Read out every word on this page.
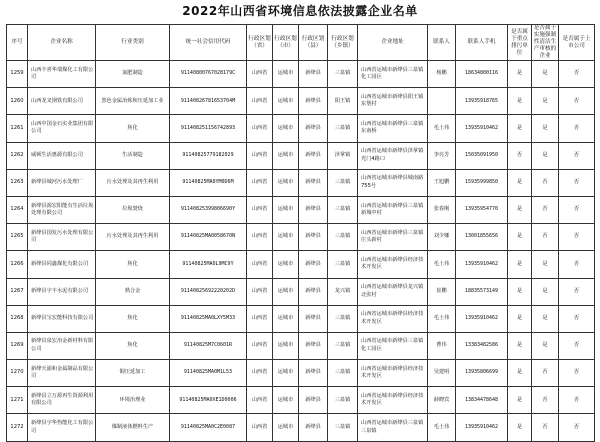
2022年山西省环境信息依法披露企业名单
序号	企业名称	行业类别	统一社会信用代码	行政区划（省）	行政区划（市）	行政区划（县）	行政区划（乡镇）	企业地址	联系人	联系人手机	是否属于重点排污单位	是否属于实施强制性清洁生产审核的企业	是否属于上市公司
1259	山西丰喜华瑞煤化工有限公司	氮肥制造	91140800767028179C	山西省	运城市	新绛县	三泉镇	山西省运城市新绛县三泉镇化工园区	杨鹏	18634800116	是	是	否
1260	山西龙叉钢铁有限公司	黑色金属冶炼和压延加工业	91140826781653704M	山西省	运城市	新绛县	阳王镇	山西省运城市新绛县阳王镇东堡村		13935918765	是	是	否
1261	山西中国金石实业集团有限公司	焦化	911408251156742893	山西省	运城市	新绛县	三泉镇	山西省运城市新绛县三泉镇东南桥	毛土伟	13935910462	是	是	否
1262	威顿生活惠源有限公司	生活制造	91140825779182029	山西省	运城市	新绛县	泽掌镇	山西省运城市新绛县泽掌镇光门4路口	李亮芳	15035091950	否	是	否
1263	新绛县城河污水处理厂	污水处理及其再生利用	91140825MA0YM0D6M	山西省	运城市	新绛县	三泉镇	山西省运城市新绛县城南路755号	王旭鹏	15935999850	是	否	否
1264	新绛县源宏阳能有生活垃圾处理有限公司	垃圾焚烧	91140825399806690Y	山西省	运城市	新绛县	三泉镇	山西省运城市新绛县三泉镇新城中村	张春刚	13935954770	是	否	否
1265	新绛县国发污水处理有限公司	污水处理及其再生利用	91140825MA0058670N	山西省	运城市	新绛县	三泉镇	山西省运城市新绛县三泉镇庄头新村	刘少娜	13001855656	是	否	否
1266	新绛县同鑫煤化有限公司	焦化	91140825MA0L9MC9Y	山西省	运城市	新绛县	三泉镇	山西省运城市新绛县经济技术开发区	毛土伟	13935910462	是	是	否
1267	新绛县宇丰水泥有限公司	熟合金	91140825692220202D	山西省	运城市	新绛县	龙兴镇	山西省运城市新绛县龙兴镇北张村	崔鹏	18835573149	是	是	否
1268	新绛县宝宏能科技有限公司	焦化	91140825MA0LXY5M33	山西省	运城市	新绛县	三泉镇	山西省运城市新绛县经济技术开发区	毛土伟	13935910462	是	是	否
1269	新绛县泉宏冶金新材料有限公司	焦化	91140825M7C0601R	山西省	运城市	新绛县	三泉镇	山西省运城市新绛县三泉镇化工园区	曹伟	13383482586	是	是	否
1270	新绛天浦和金属制品有限公司	铜压延加工	91140825MA0M1L53	山西省	运城市	新绛县	三泉镇	山西省运城市新绛县经济技术开发区	吴建明	13935806699	是	否	否
1271	新绛县立万源再生资源利用有限公司	环境治理业	91140825MA0XE1D0006	山西省	运城市	新绛县	三泉镇	山西省运城市新绛县经济技术开发区	薛晓宾	13834478648	是	否	否
1272	新绛县宇华热能化工有限公司	煤制液体燃料生产	91140825MA0C2E0087	山西省	运城市	新绛县	三泉镇	山西省运城市新绛县三泉镇三泉镇	毛土伟	13935910462	是	否	否
